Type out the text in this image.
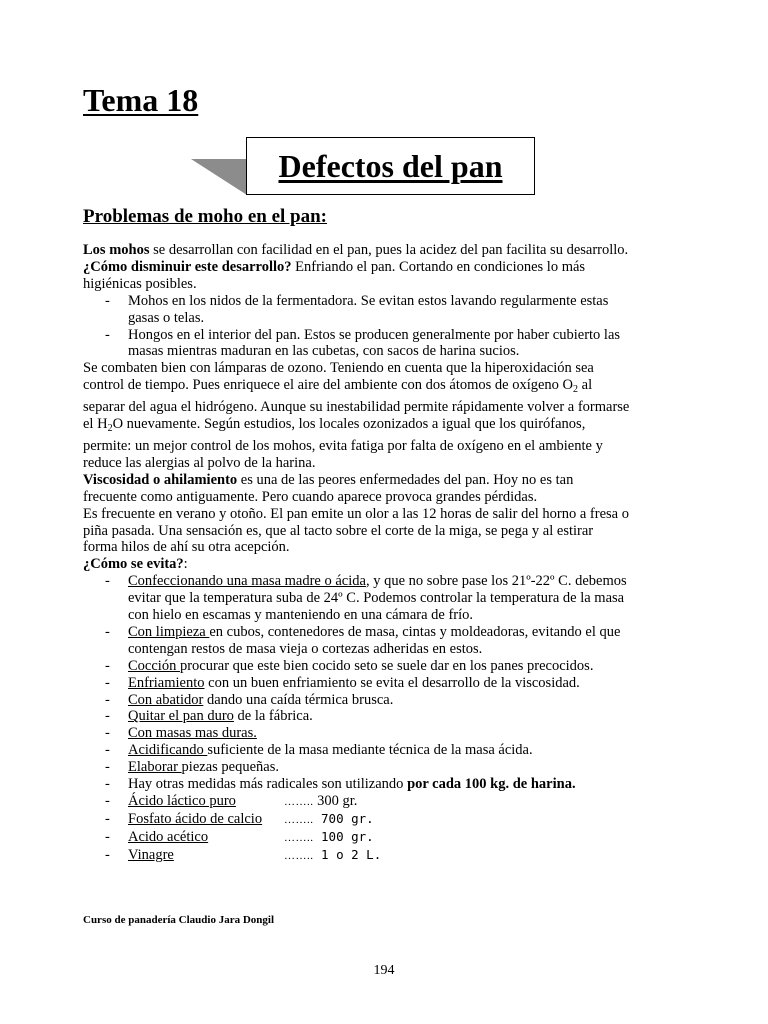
Tema 18
Defectos del pan
Problemas de moho en el pan:

Los mohos se desarrollan con facilidad en el pan, pues la acidez del pan facilita su desarrollo.

¿Cómo disminuir este desarrollo? Enfriando el pan. Cortando en condiciones lo más
higiénicas posibles.

- Mohos en los nidos de la fermentadora. Se evitan estos lavando regularmente estas
gasas o telas.
- Hongos en el interior del pan. Estos se producen generalmente por haber cubierto las
masas mientras maduran en las cubetas, con sacos de harina sucios.

Se combaten bien con lámparas de ozono. Teniendo en cuenta que la hiperoxidación sea
control de tiempo. Pues enriquece el aire del ambiente con dos átomos de oxígeno $O_2$ al
separar del agua el hidrógeno. Aunque su inestabilidad permite rápidamente volver a formarse
el $H_2O$ nuevamente. Según estudios, los locales ozonizados a igual que los quirófanos,
permite: un mejor control de los mohos, evita fatiga por falta de oxígeno en el ambiente y
reduce las alergias al polvo de la harina.

Viscosidad o ahilamiento es una de las peores enfermedades del pan. Hoy no es tan
frecuente como antiguamente. Pero cuando aparece provoca grandes pérdidas.
Es frecuente en verano y otoño. El pan emite un olor a las 12 horas de salir del horno a fresa o
piña pasada. Una sensación es, que al tacto sobre el corte de la miga, se pega y al estirar
forma hilos de ahí su otra acepción.
¿Cómo se evita?:

- Confeccionando una masa madre o ácida, y que no sobre pase los 21º-22º C. debemos
evitar que la temperatura suba de 24º C. Podemos controlar la temperatura de la masa
con hielo en escamas y manteniendo en una cámara de frío.
- Con limpieza en cubos, contenedores de masa, cintas y moldeadoras, evitando el que
contengan restos de masa vieja o cortezas adheridas en estos.
- Cocción procurar que este bien cocido seto se suele dar en los panes precocidos.
- Enfriamiento con un buen enfriamiento se evita el desarrollo de la viscosidad.
- Con abatidor dando una caída térmica brusca.
- Quitar el pan duro de la fábrica.
- Con masas mas duras.
- Acidificando suficiente de la masa mediante técnica de la masa ácida.
- Elaborar piezas pequeñas.
- Hay otras medidas más radicales son utilizando por cada 100 kg. de harina.
- Ácido láctico puro	…….. 300 gr.
- Fosfato ácido de calcio…….. 700 gr.
- Acido acético	…….. 100 gr.
- Vinagre	…….. 1 o 2 L.

Curso de panadería Claudio Jara Dongil

194
